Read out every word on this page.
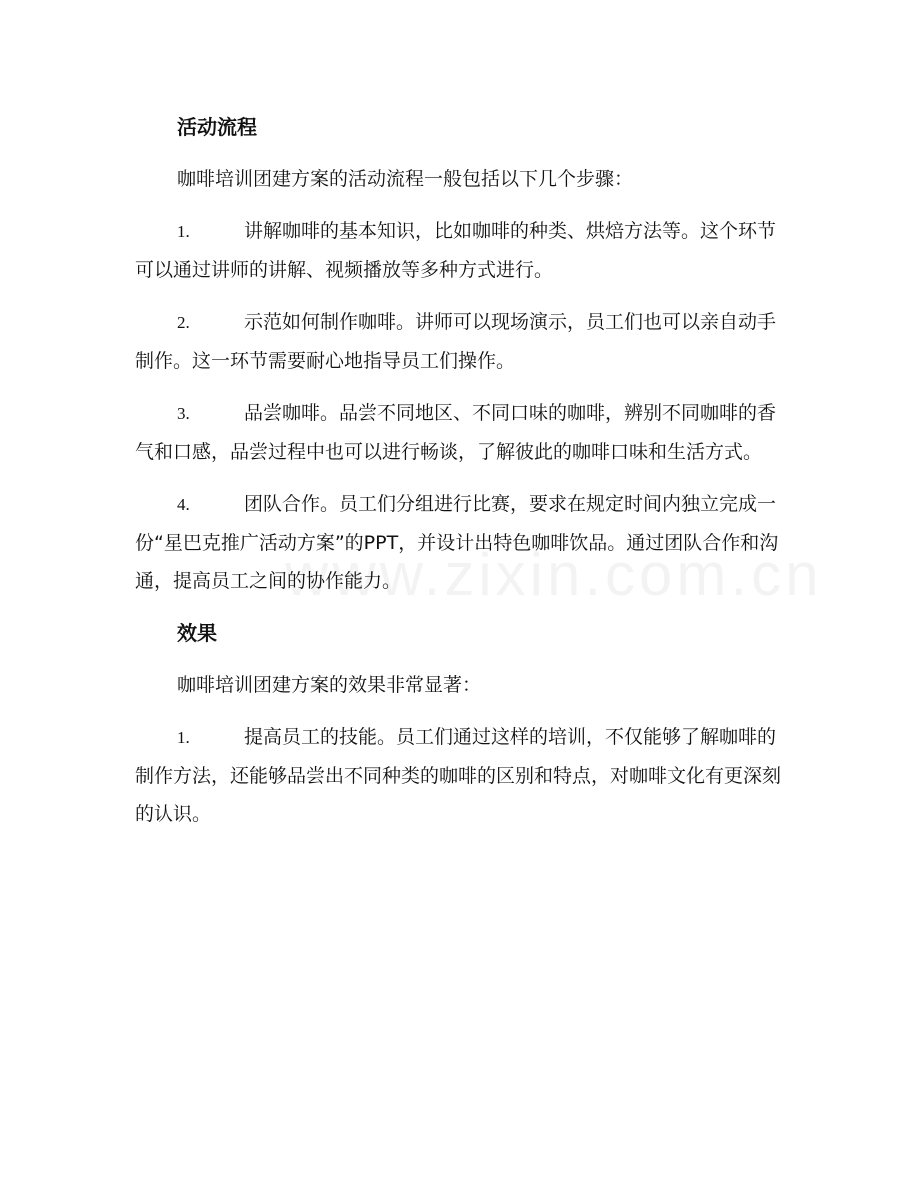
活动流程
咖啡培训团建方案的活动流程一般包括以下几个步骤：
1.	讲解咖啡的基本知识，比如咖啡的种类、烘焙方法等。这个环节可以通过讲师的讲解、视频播放等多种方式进行。
2.	示范如何制作咖啡。讲师可以现场演示，员工们也可以亲自动手制作。这一环节需要耐心地指导员工们操作。
3.	品尝咖啡。品尝不同地区、不同口味的咖啡，辨别不同咖啡的香气和口感，品尝过程中也可以进行畅谈，了解彼此的咖啡口味和生活方式。
4.	团队合作。员工们分组进行比赛，要求在规定时间内独立完成一份“星巴克推广活动方案”的PPT，并设计出特色咖啡饮品。通过团队合作和沟通，提高员工之间的协作能力。
效果
咖啡培训团建方案的效果非常显著：
1.	提高员工的技能。员工们通过这样的培训，不仅能够了解咖啡的制作方法，还能够品尝出不同种类的咖啡的区别和特点，对咖啡文化有更深刻的认识。
